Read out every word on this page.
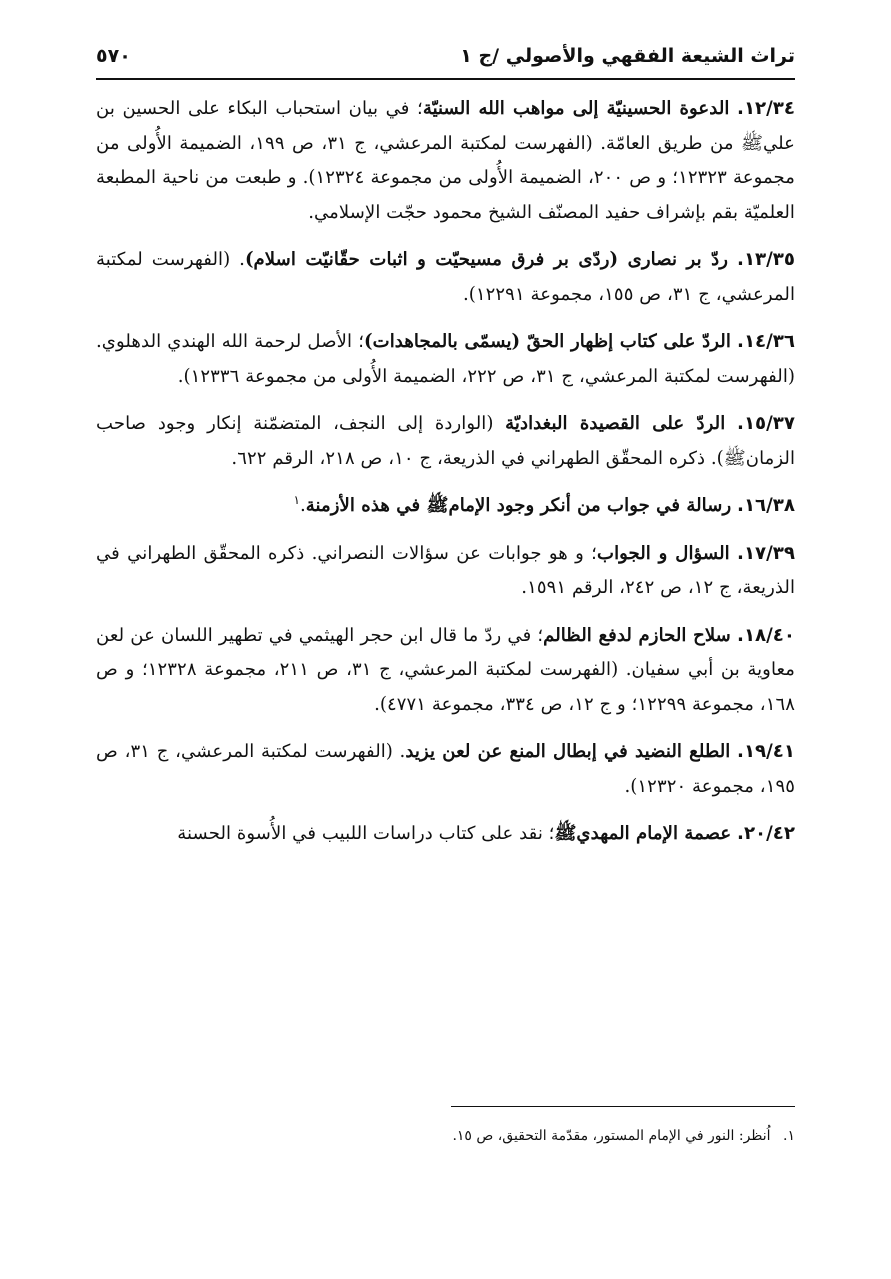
تراث الشيعة الفقهي والأصولي /ج ١
٥٧٠

١٢/٣٤. الدعوة الحسينيّة إلى مواهب الله السنيّة؛ في بيان استحباب البكاء على الحسين بن عليﷺ من طريق العامّة. (الفهرست لمكتبة المرعشي، ج ٣١، ص ١٩٩، الضميمة الأُولى من مجموعة ١٢٣٢٣؛ و ص ٢٠٠، الضميمة الأُولى من مجموعة ١٢٣٢٤). و طبعت من ناحية المطبعة العلميّة بقم بإشراف حفيد المصنّف الشيخ محمود حجّت الإسلامي.

١٣/٣٥. ردّ بر نصارى (ردّى بر فرق مسيحيّت و اثبات حقّانيّت اسلام). (الفهرست لمكتبة المرعشي، ج ٣١، ص ١٥٥، مجموعة ١٢٢٩١).

١٤/٣٦. الردّ على كتاب إظهار الحقّ (يسمّى بالمجاهدات)؛ الأصل لرحمة الله الهندي الدهلوي. (الفهرست لمكتبة المرعشي، ج ٣١، ص ٢٢٢، الضميمة الأُولى من مجموعة ١٢٣٣٦).

١٥/٣٧. الردّ على القصيدة البغداديّة (الواردة إلى النجف، المتضمّنة إنكار وجود صاحب الزمانﷺ). ذكره المحقّق الطهراني في الذريعة، ج ١٠، ص ٢١٨، الرقم ٦٢٢.

١٦/٣٨. رسالة في جواب من أنكر وجود الإمامﷺ في هذه الأزمنة.$^١$

١٧/٣٩. السؤال و الجواب؛ و هو جوابات عن سؤالات النصراني. ذكره المحقّق الطهراني في الذريعة، ج ١٢، ص ٢٤٢، الرقم ١٥٩١.

١٨/٤٠. سلاح الحازم لدفع الظالم؛ في ردّ ما قال ابن حجر الهيثمي في تطهير اللسان عن لعن معاوية بن أبي سفيان. (الفهرست لمكتبة المرعشي، ج ٣١، ص ٢١١، مجموعة ١٢٣٢٨؛ و ص ١٦٨، مجموعة ١٢٢٩٩؛ و ج ١٢، ص ٣٣٤، مجموعة ٤٧٧١).

١٩/٤١. الطلع النضيد في إبطال المنع عن لعن يزيد. (الفهرست لمكتبة المرعشي، ج ٣١، ص ١٩٥، مجموعة ١٢٣٢٠).

٢٠/٤٢. عصمة الإمام المهديﷺ؛ نقد على كتاب دراسات اللبيب في الأُسوة الحسنة

١. اُنظر: النور في الإمام المستور، مقدّمة التحقيق، ص ١٥.
